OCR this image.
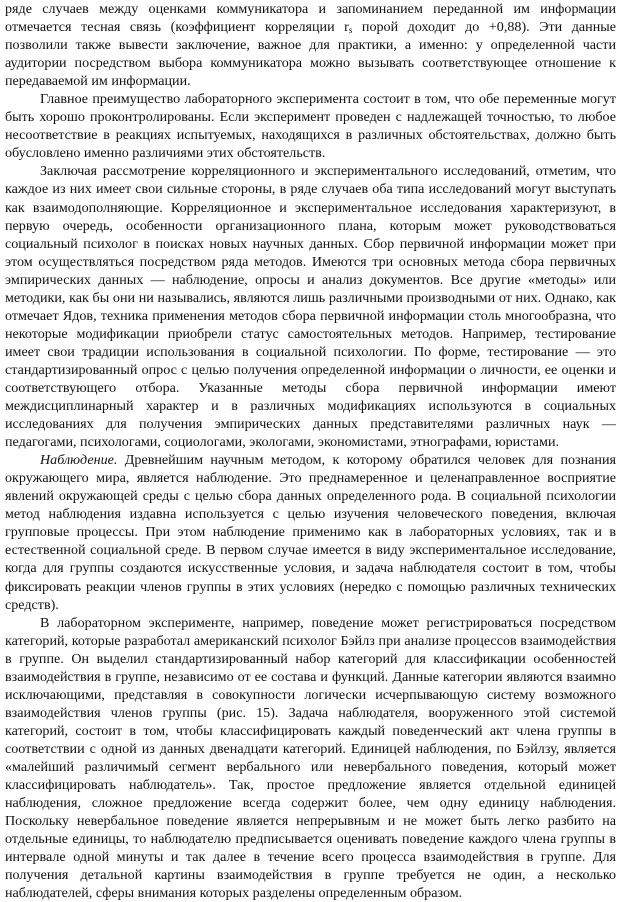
ряде случаев между оценками коммуникатора и запоминанием переданной им информации отмечается тесная связь (коэффициент корреляции $r_s$ порой доходит до +0,88). Эти данные позволили также вывести заключение, важное для практики, а именно: у определенной части аудитории посредством выбора коммуникатора можно вызывать соответствующее отношение к передаваемой им информации.

Главное преимущество лабораторного эксперимента состоит в том, что обе переменные могут быть хорошо проконтролированы. Если эксперимент проведен с надлежащей точностью, то любое несоответствие в реакциях испытуемых, находящихся в различных обстоятельствах, должно быть обусловлено именно различиями этих обстоятельств.

Заключая рассмотрение корреляционного и экспериментального исследований, отметим, что каждое из них имеет свои сильные стороны, в ряде случаев оба типа исследований могут выступать как взаимодополняющие. Корреляционное и экспериментальное исследования характеризуют, в первую очередь, особенности организационного плана, которым может руководствоваться социальный психолог в поисках новых научных данных. Сбор первичной информации может при этом осуществляться посредством ряда методов. Имеются три основных метода сбора первичных эмпирических данных — наблюдение, опросы и анализ документов. Все другие «методы» или методики, как бы они ни назывались, являются лишь различными производными от них. Однако, как отмечает Ядов, техника применения методов сбора первичной информации столь многообразна, что некоторые модификации приобрели статус самостоятельных методов. Например, тестирование имеет свои традиции использования в социальной психологии. По форме, тестирование — это стандартизированный опрос с целью получения определенной информации о личности, ее оценки и соответствующего отбора. Указанные методы сбора первичной информации имеют междисциплинарный характер и в различных модификациях используются в социальных исследованиях для получения эмпирических данных представителями различных наук — педагогами, психологами, социологами, экологами, экономистами, этнографами, юристами.

Наблюдение. Древнейшим научным методом, к которому обратился человек для познания окружающего мира, является наблюдение. Это преднамеренное и целенаправленное восприятие явлений окружающей среды с целью сбора данных определенного рода. В социальной психологии метод наблюдения издавна используется с целью изучения человеческого поведения, включая групповые процессы. При этом наблюдение применимо как в лабораторных условиях, так и в естественной социальной среде. В первом случае имеется в виду экспериментальное исследование, когда для группы создаются искусственные условия, и задача наблюдателя состоит в том, чтобы фиксировать реакции членов группы в этих условиях (нередко с помощью различных технических средств).

В лабораторном эксперименте, например, поведение может регистрироваться посредством категорий, которые разработал американский психолог Бэйлз при анализе процессов взаимодействия в группе. Он выделил стандартизированный набор категорий для классификации особенностей взаимодействия в группе, независимо от ее состава и функций. Данные категории являются взаимно исключающими, представляя в совокупности логически исчерпывающую систему возможного взаимодействия членов группы (рис. 15). Задача наблюдателя, вооруженного этой системой категорий, состоит в том, чтобы классифицировать каждый поведенческий акт члена группы в соответствии с одной из данных двенадцати категорий. Единицей наблюдения, по Бэйлзу, является «малейший различимый сегмент вербального или невербального поведения, который может классифицировать наблюдатель». Так, простое предложение является отдельной единицей наблюдения, сложное предложение всегда содержит более, чем одну единицу наблюдения. Поскольку невербальное поведение является непрерывным и не может быть легко разбито на отдельные единицы, то наблюдателю предписывается оценивать поведение каждого члена группы в интервале одной минуты и так далее в течение всего процесса взаимодействия в группе. Для получения детальной картины взаимодействия в группе требуется не один, а несколько наблюдателей, сферы внимания которых разделены определенным образом.
